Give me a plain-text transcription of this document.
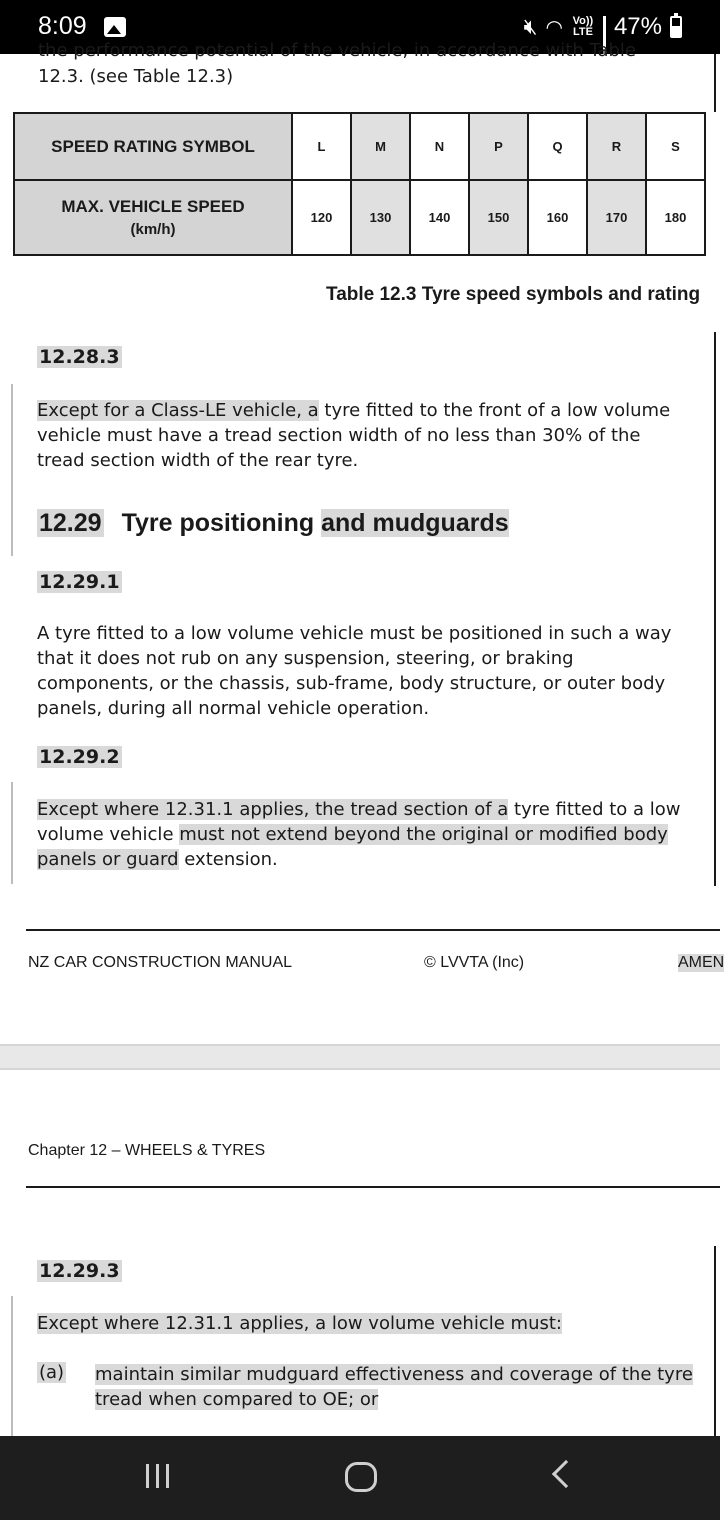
8:09	🔇︎ ◠ Vo)) LTE 47%
the performance potential of the vehicle, in accordance with Table
12.3. (see Table 12.3)
SPEED RATING SYMBOL	L	M	N	P	Q	R	S
MAX. VEHICLE SPEED
(km/h)	120	130	140	150	160	170	180
Table 12.3 Tyre speed symbols and rating
12.28.3
Except for a Class-LE vehicle, a tyre fitted to the front of a low volume vehicle must have a tread section width of no less than 30% of the tread section width of the rear tyre.
12.29 Tyre positioning and mudguards
12.29.1
A tyre fitted to a low volume vehicle must be positioned in such a way that it does not rub on any suspension, steering, or braking components, or the chassis, sub-frame, body structure, or outer body panels, during all normal vehicle operation.
12.29.2
Except where 12.31.1 applies, the tread section of a tyre fitted to a low volume vehicle must not extend beyond the original or modified body panels or guard extension.
NZ CAR CONSTRUCTION MANUAL	© LVVTA (Inc)	AMEN
Chapter 12 – WHEELS & TYRES
12.29.3
Except where 12.31.1 applies, a low volume vehicle must:
(a) maintain similar mudguard effectiveness and coverage of the tyre tread when compared to OE; or
